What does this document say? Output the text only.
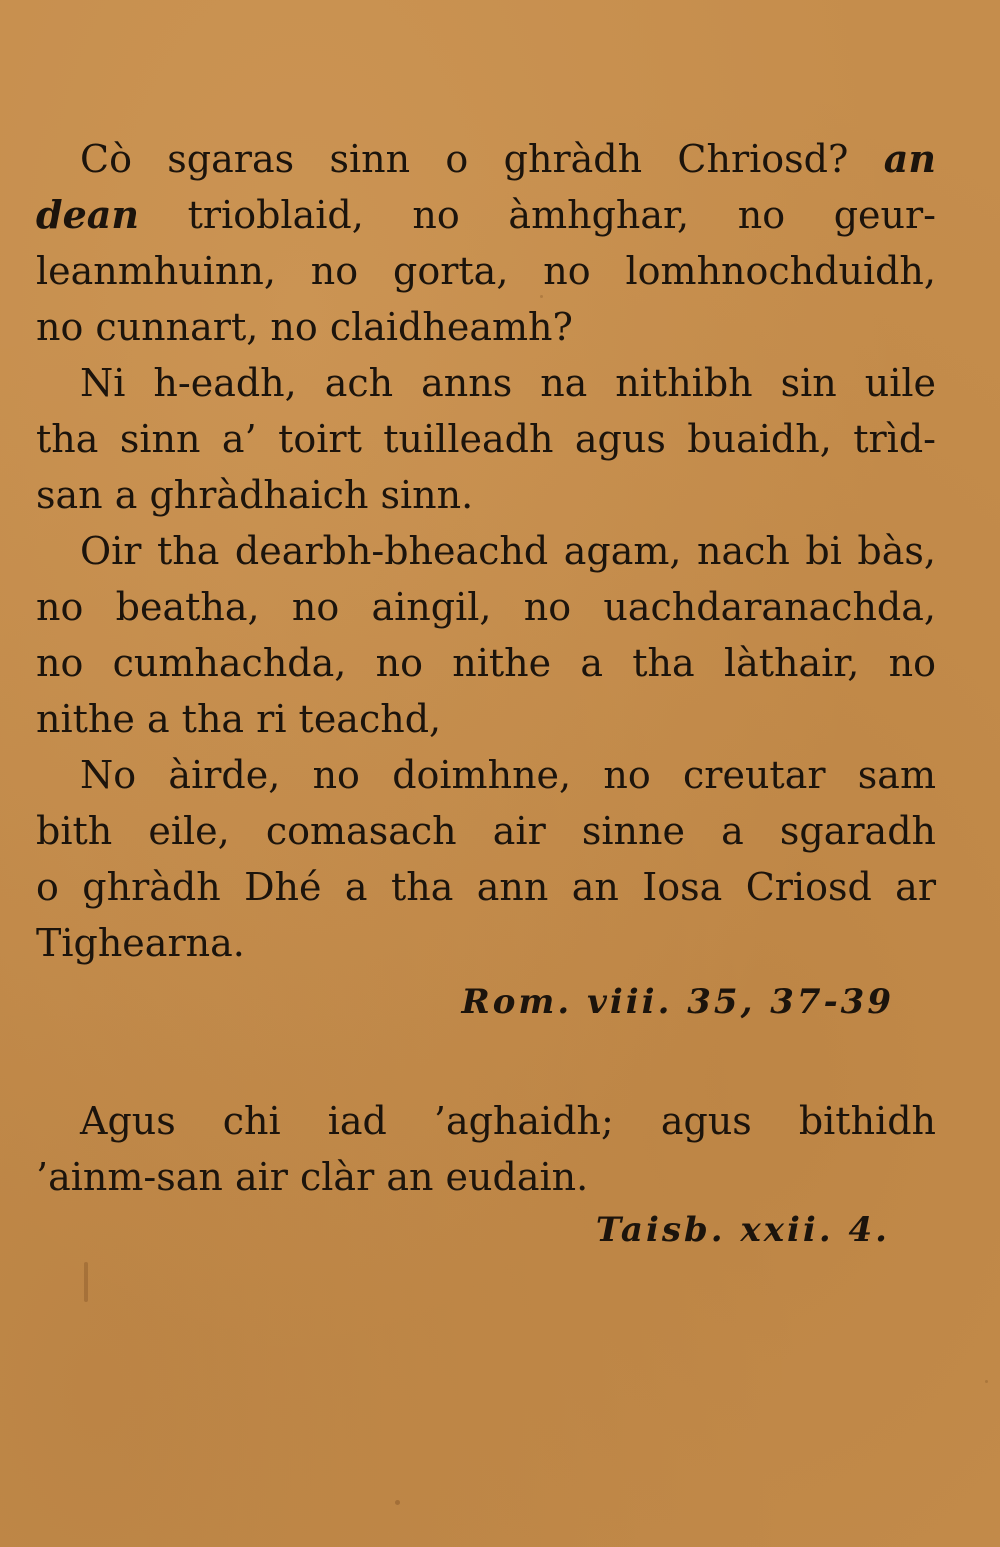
Cò sgaras sinn o ghràdh Chriosd? an

dean trioblaid, no àmhghar, no geur-

leanmhuinn, no gorta, no lomhnochduidh,

no cunnart, no claidheamh?

Ni h-eadh, ach anns na nithibh sin uile

tha sinn a’ toirt tuilleadh agus buaidh, trìd-

san a ghràdhaich sinn.

Oir tha dearbh-bheachd agam, nach bi bàs,

no beatha, no aingil, no uachdaranachda,

no cumhachda, no nithe a tha làthair, no

nithe a tha ri teachd,

No àirde, no doimhne, no creutar sam

bith eile, comasach air sinne a sgaradh

o ghràdh Dhé a tha ann an Iosa Criosd ar

Tighearna.

Rom. viii. 35, 37-39

Agus chi iad ’aghaidh; agus bithidh

’ainm-san air clàr an eudain.

Taisb. xxii. 4.
